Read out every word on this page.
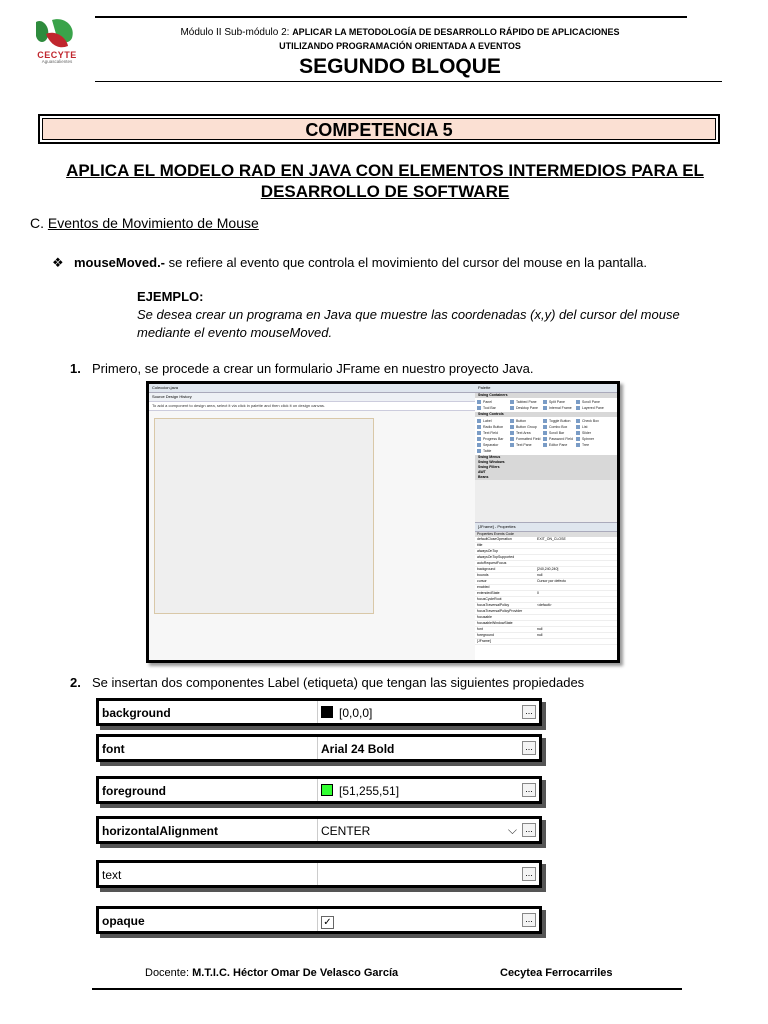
CECYTE
Aguascalientes
Módulo II Sub-módulo 2: APLICAR LA METODOLOGÍA DE DESARROLLO RÁPIDO DE APLICACIONES
UTILIZANDO PROGRAMACIÓN ORIENTADA A EVENTOS
SEGUNDO BLOQUE
COMPETENCIA 5
APLICA EL MODELO RAD EN JAVA CON ELEMENTOS INTERMEDIOS PARA EL
DESARROLLO DE SOFTWARE
C. Eventos de Movimiento de Mouse
❖ mouseMoved.- se refiere al evento que controla el movimiento del cursor del mouse en la pantalla.
EJEMPLO:
Se desea crear un programa en Java que muestre las coordenadas (x,y) del cursor del mouse mediante el evento mouseMoved.
1. Primero, se procede a crear un formulario JFrame en nuestro proyecto Java.
Coleccion.java
Source Design History
To add a component to design area, select it via click in palette and then click it on design canvas.
Palette
Swing Containers
Panel	Tabbed Pane	Split Pane	Scroll Pane
Tool Bar	Desktop Pane	Internal Frame	Layered Pane
Swing Controls
Label	Button	Toggle Button	Check Box
Radio Button	Button Group	Combo Box	List
Text Field	Text Area	Scroll Bar	Slider
Progress Bar	Formatted Field	Password Field	Spinner
Separator	Text Pane	Editor Pane	Tree
Table
Swing Menus
Swing Windows
Swing Fillers
AWT
Beans
[JFrame] - Properties
Properties Events Code
defaultCloseOperation	EXIT_ON_CLOSE
title
alwaysOnTop
alwaysOnTopSupported
autoRequestFocus
background	[240,240,240]
bounds	null
cursor	Cursor por defecto
enabled
extendedState	0
focusCycleRoot
focusTraversalPolicy	<default>
focusTraversalPolicyProvider
focusable
focusableWindowState
font	null
foreground	null
[JFrame]
2. Se insertan dos componentes Label (etiqueta) que tengan las siguientes propiedades
background	[0,0,0]	...
font	Arial 24 Bold	...
foreground	[51,255,51]	...
horizontalAlignment	CENTER	⌵ ...
text	...
opaque	✓	...
Docente: M.T.I.C. Héctor Omar De Velasco García	Cecytea Ferrocarriles
